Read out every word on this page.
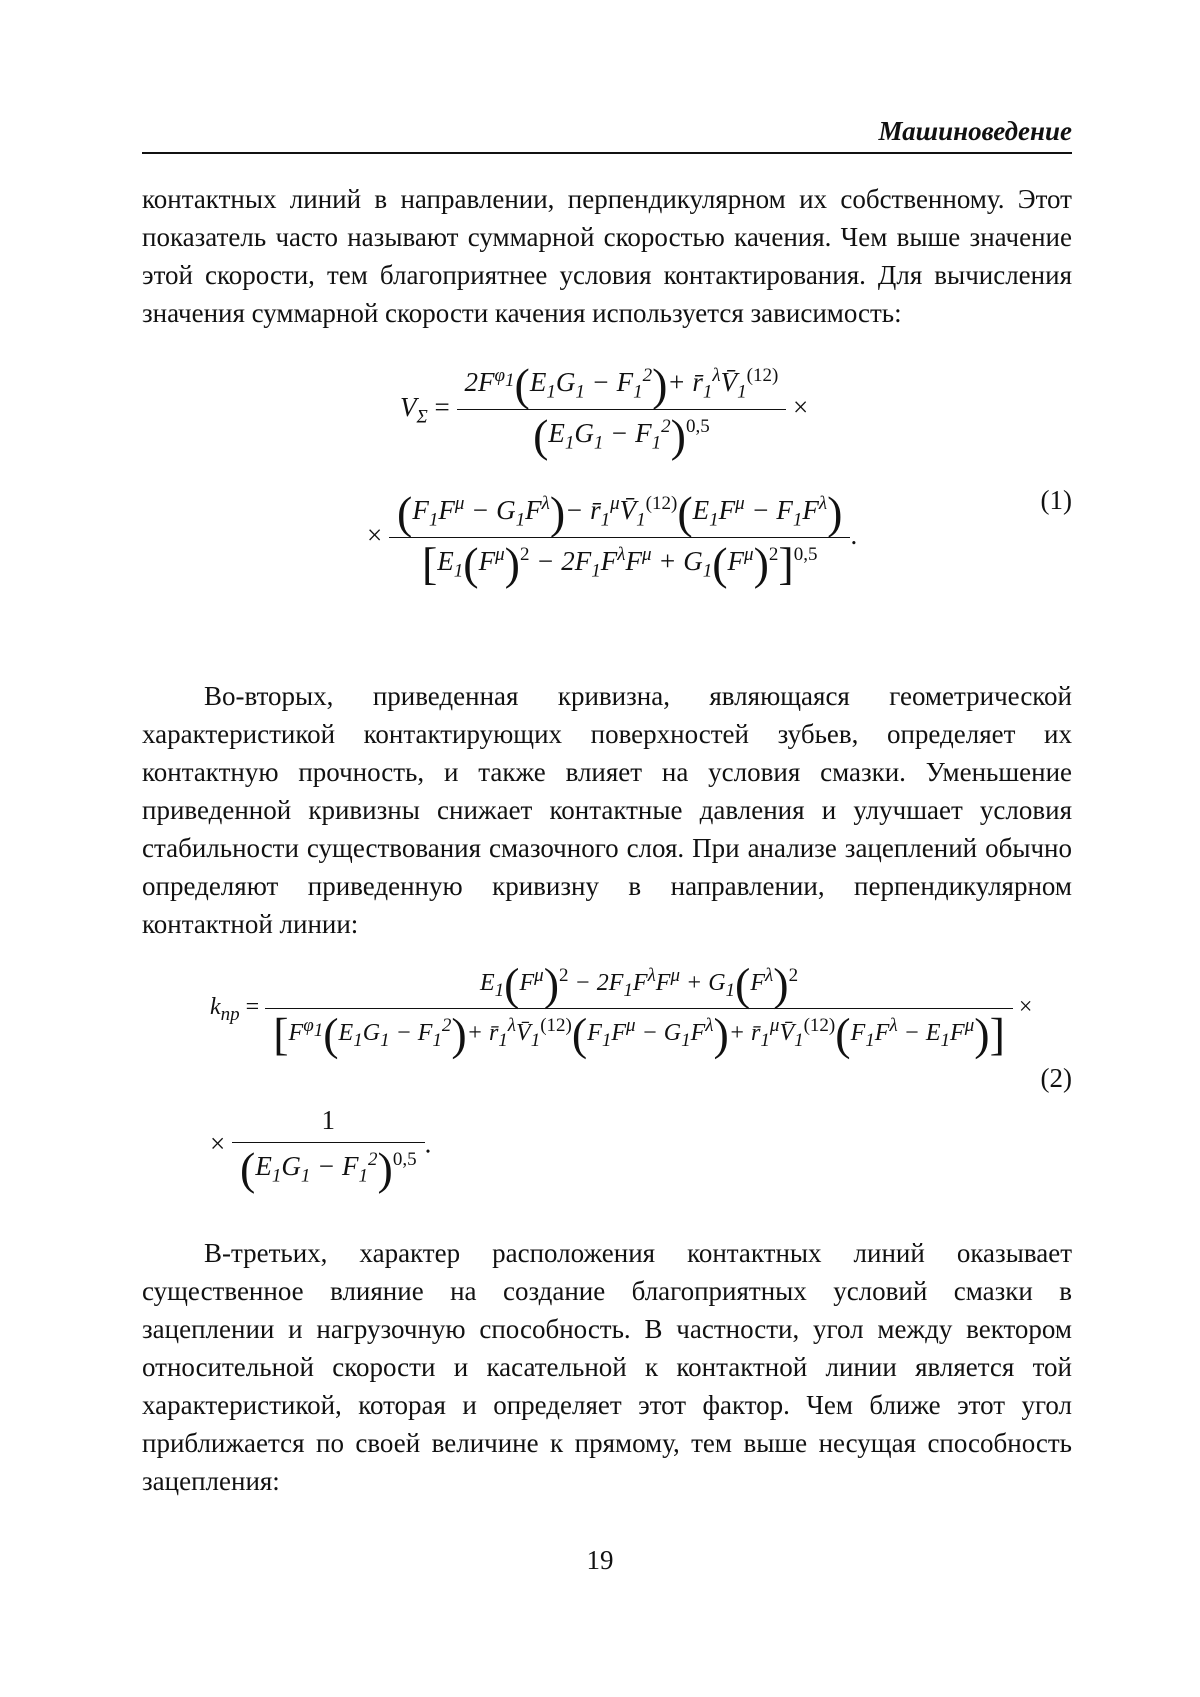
Машиноведение

контактных линий в направлении, перпендикулярном их собственному. Этот показатель часто называют суммарной скоростью качения. Чем выше значение этой скорости, тем благоприятнее условия контактирования. Для вычисления значения суммарной скорости качения используется зависимость:

VΣ =
2Fφ1(E1G1 − F12)+ r̄1λV̄1(12)
(E1G1 − F12)0,5
×
× (F1Fμ − G1Fλ)− r̄1μV̄1(12)(E1Fμ − F1Fλ)
[E1(Fμ)2 − 2F1FλFμ + G1(Fμ)2]0,5
.
(1)

Во-вторых, приведенная кривизна, являющаяся геометрической характеристикой контактирующих поверхностей зубьев, определяет их контактную прочность, и также влияет на условия смазки. Уменьшение приведенной кривизны снижает контактные давления и улучшает условия стабильности существования смазочного слоя. При анализе зацеплений обычно определяют приведенную кривизну в направлении, перпендикулярном контактной линии:

knp =
E1(Fμ)2 − 2F1FλFμ + G1(Fλ)2
[Fφ1(E1G1 − F12)+ r̄1λV̄1(12)(F1Fμ − G1Fλ)+ r̄1μV̄1(12)(F1Fλ − E1Fμ)]
×
(2)
×
1
(E1G1 − F12)0,5
.

В-третьих, характер расположения контактных линий оказывает существенное влияние на создание благоприятных условий смазки в зацеплении и нагрузочную способность. В частности, угол между вектором относительной скорости и касательной к контактной линии является той характеристикой, которая и определяет этот фактор. Чем ближе этот угол приближается по своей величине к прямому, тем выше несущая способность зацепления:

19
